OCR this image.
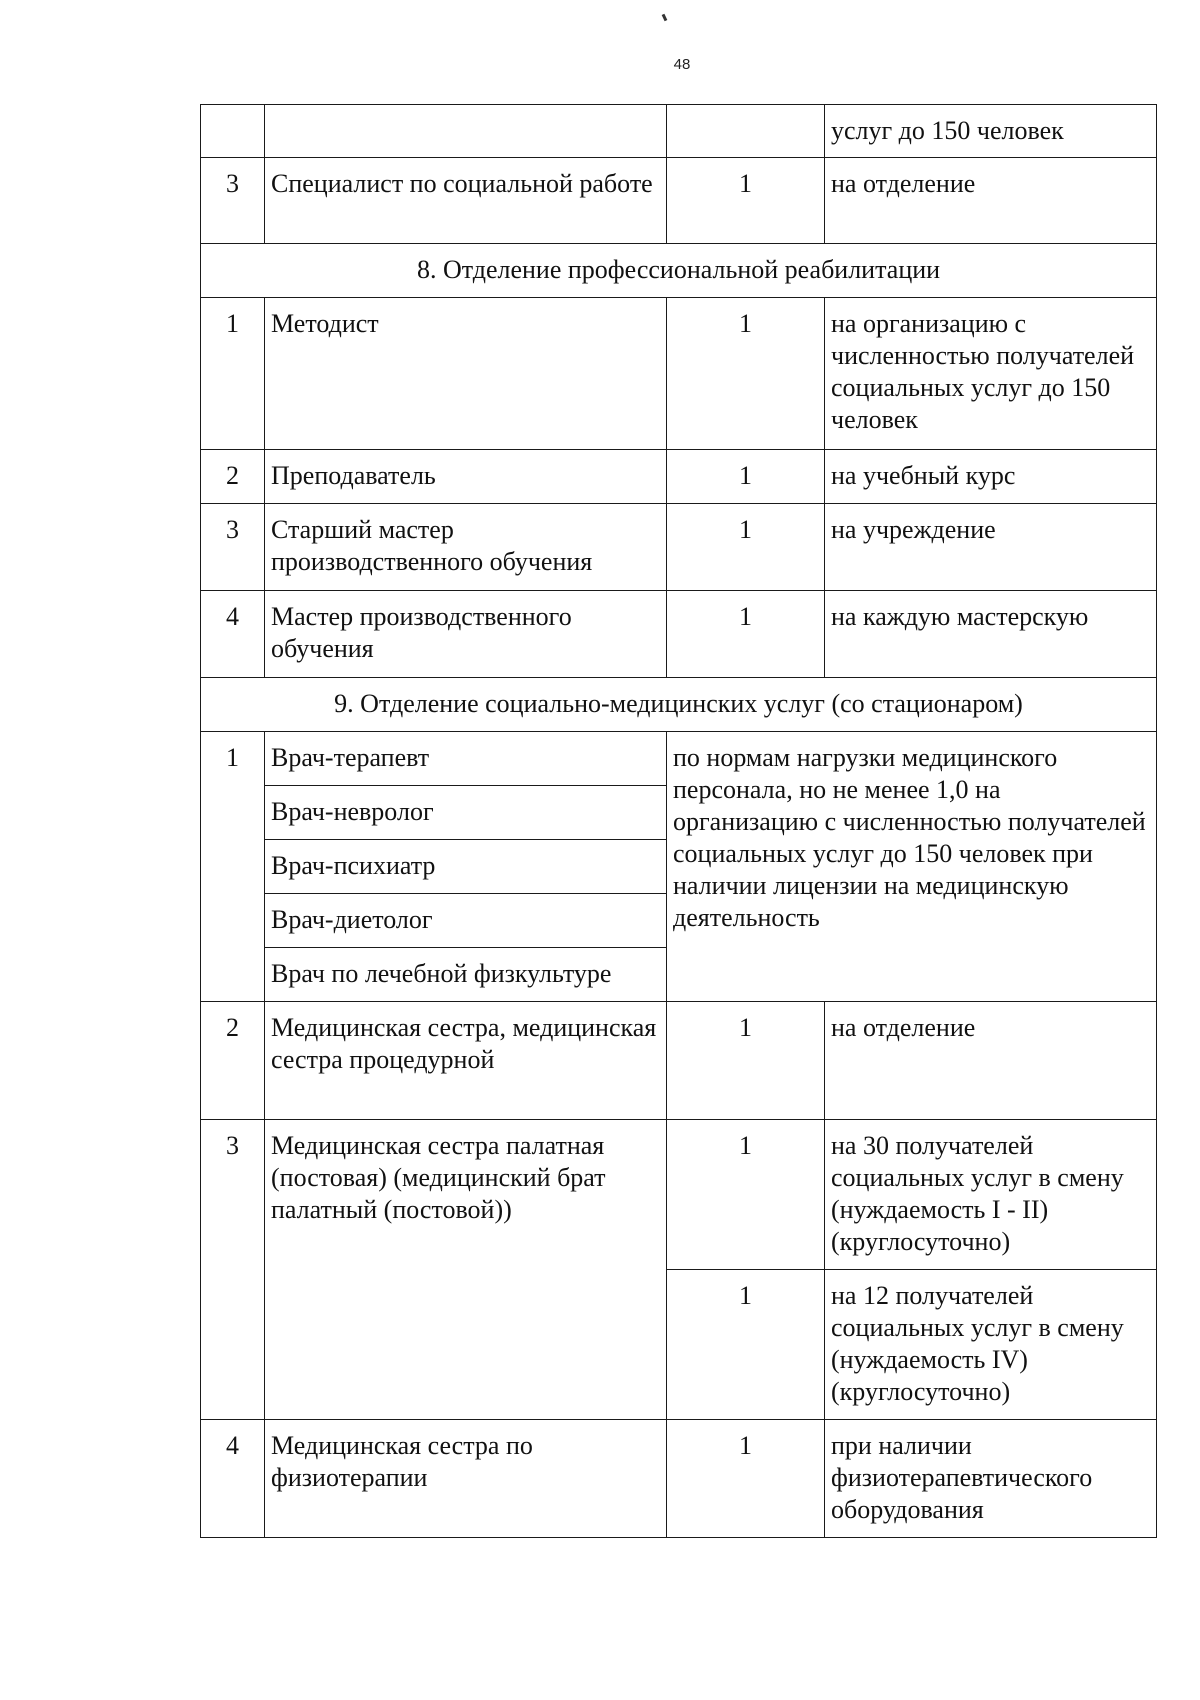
48
			услуг до 150 человек
3	Специалист по социальной работе	1	на отделение
8. Отделение профессиональной реабилитации			
1	Методист	1	на организацию с численностью получателей социальных услуг до 150 человек
2	Преподаватель	1	на учебный курс
3	Старший мастер производственного обучения	1	на учреждение
4	Мастер производственного обучения	1	на каждую мастерскую
9. Отделение социально-медицинских услуг (со стационаром)			
1	Врач-терапевт	по нормам нагрузки медицинского персонала, но не менее 1,0 на организацию с численностью получателей социальных услуг до 150 человек при наличии лицензии на медицинскую деятельность	
	Врач-невролог		
	Врач-психиатр		
	Врач-диетолог		
	Врач по лечебной физкультуре		
2	Медицинская сестра, медицинская сестра процедурной	1	на отделение
3	Медицинская сестра палатная (постовая) (медицинский брат палатный (постовой))	1	на 30 получателей социальных услуг в смену (нуждаемость I - II) (круглосуточно)
		1	на 12 получателей социальных услуг в смену (нуждаемость IV) (круглосуточно)
4	Медицинская сестра по физиотерапии	1	при наличии физиотерапевтического оборудования
